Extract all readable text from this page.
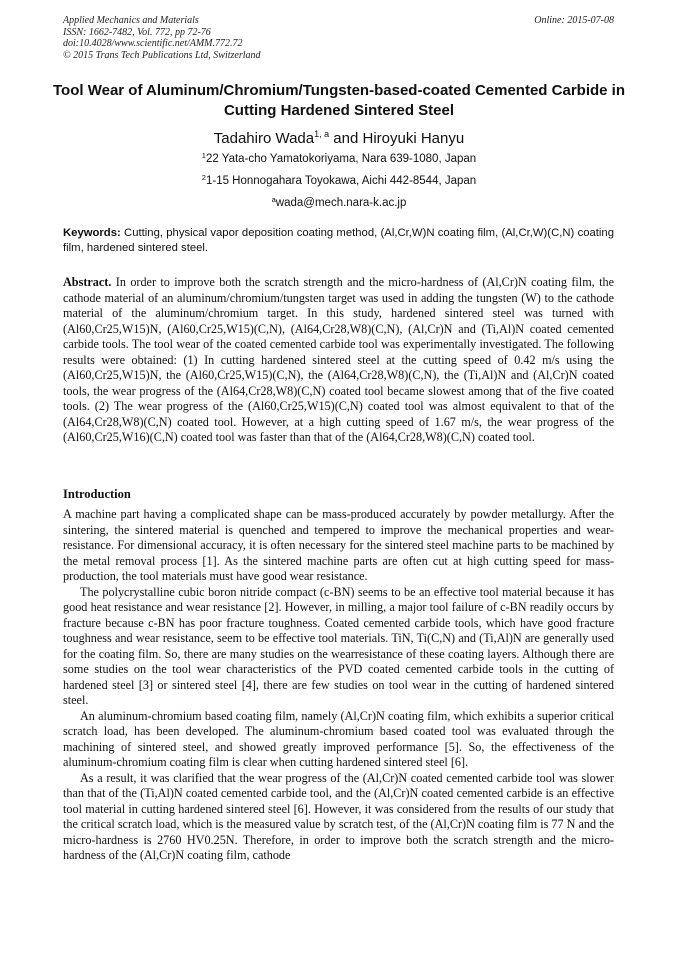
Applied Mechanics and Materials
ISSN: 1662-7482, Vol. 772, pp 72-76
doi:10.4028/www.scientific.net/AMM.772.72
© 2015 Trans Tech Publications Ltd, Switzerland
Online: 2015-07-08
Tool Wear of Aluminum/Chromium/Tungsten-based-coated Cemented Carbide in Cutting Hardened Sintered Steel
Tadahiro Wada$^{1, a}$ and Hiroyuki Hanyu
$^1$22 Yata-cho Yamatokoriyama, Nara 639-1080, Japan
$^2$1-15 Honnogahara Toyokawa, Aichi 442-8544, Japan
$^a$wada@mech.nara-k.ac.jp
Keywords: Cutting, physical vapor deposition coating method, (Al,Cr,W)N coating film, (Al,Cr,W)(C,N) coating film, hardened sintered steel.
Abstract. In order to improve both the scratch strength and the micro-hardness of (Al,Cr)N coating film, the cathode material of an aluminum/chromium/tungsten target was used in adding the tungsten (W) to the cathode material of the aluminum/chromium target. In this study, hardened sintered steel was turned with (Al60,Cr25,W15)N, (Al60,Cr25,W15)(C,N), (Al64,Cr28,W8)(C,N), (Al,Cr)N and (Ti,Al)N coated cemented carbide tools. The tool wear of the coated cemented carbide tool was experimentally investigated. The following results were obtained: (1) In cutting hardened sintered steel at the cutting speed of 0.42 m/s using the (Al60,Cr25,W15)N, the (Al60,Cr25,W15)(C,N), the (Al64,Cr28,W8)(C,N), the (Ti,Al)N and (Al,Cr)N coated tools, the wear progress of the (Al64,Cr28,W8)(C,N) coated tool became slowest among that of the five coated tools. (2) The wear progress of the (Al60,Cr25,W15)(C,N) coated tool was almost equivalent to that of the (Al64,Cr28,W8)(C,N) coated tool. However, at a high cutting speed of 1.67 m/s, the wear progress of the (Al60,Cr25,W16)(C,N) coated tool was faster than that of the (Al64,Cr28,W8)(C,N) coated tool.
Introduction

A machine part having a complicated shape can be mass-produced accurately by powder metallurgy. After the sintering, the sintered material is quenched and tempered to improve the mechanical properties and wear-resistance. For dimensional accuracy, it is often necessary for the sintered steel machine parts to be machined by the metal removal process [1]. As the sintered machine parts are often cut at high cutting speed for mass-production, the tool materials must have good wear resistance.

The polycrystalline cubic boron nitride compact (c-BN) seems to be an effective tool material because it has good heat resistance and wear resistance [2]. However, in milling, a major tool failure of c-BN readily occurs by fracture because c-BN has poor fracture toughness. Coated cemented carbide tools, which have good fracture toughness and wear resistance, seem to be effective tool materials. TiN, Ti(C,N) and (Ti,Al)N are generally used for the coating film. So, there are many studies on the wearresistance of these coating layers. Although there are some studies on the tool wear characteristics of the PVD coated cemented carbide tools in the cutting of hardened steel [3] or sintered steel [4], there are few studies on tool wear in the cutting of hardened sintered steel.

An aluminum-chromium based coating film, namely (Al,Cr)N coating film, which exhibits a superior critical scratch load, has been developed. The aluminum-chromium based coated tool was evaluated through the machining of sintered steel, and showed greatly improved performance [5]. So, the effectiveness of the aluminum-chromium coating film is clear when cutting hardened sintered steel [6].

As a result, it was clarified that the wear progress of the (Al,Cr)N coated cemented carbide tool was slower than that of the (Ti,Al)N coated cemented carbide tool, and the (Al,Cr)N coated cemented carbide is an effective tool material in cutting hardened sintered steel [6]. However, it was considered from the results of our study that the critical scratch load, which is the measured value by scratch test, of the (Al,Cr)N coating film is 77 N and the micro-hardness is 2760 HV0.25N. Therefore, in order to improve both the scratch strength and the micro-hardness of the (Al,Cr)N coating film, cathode
